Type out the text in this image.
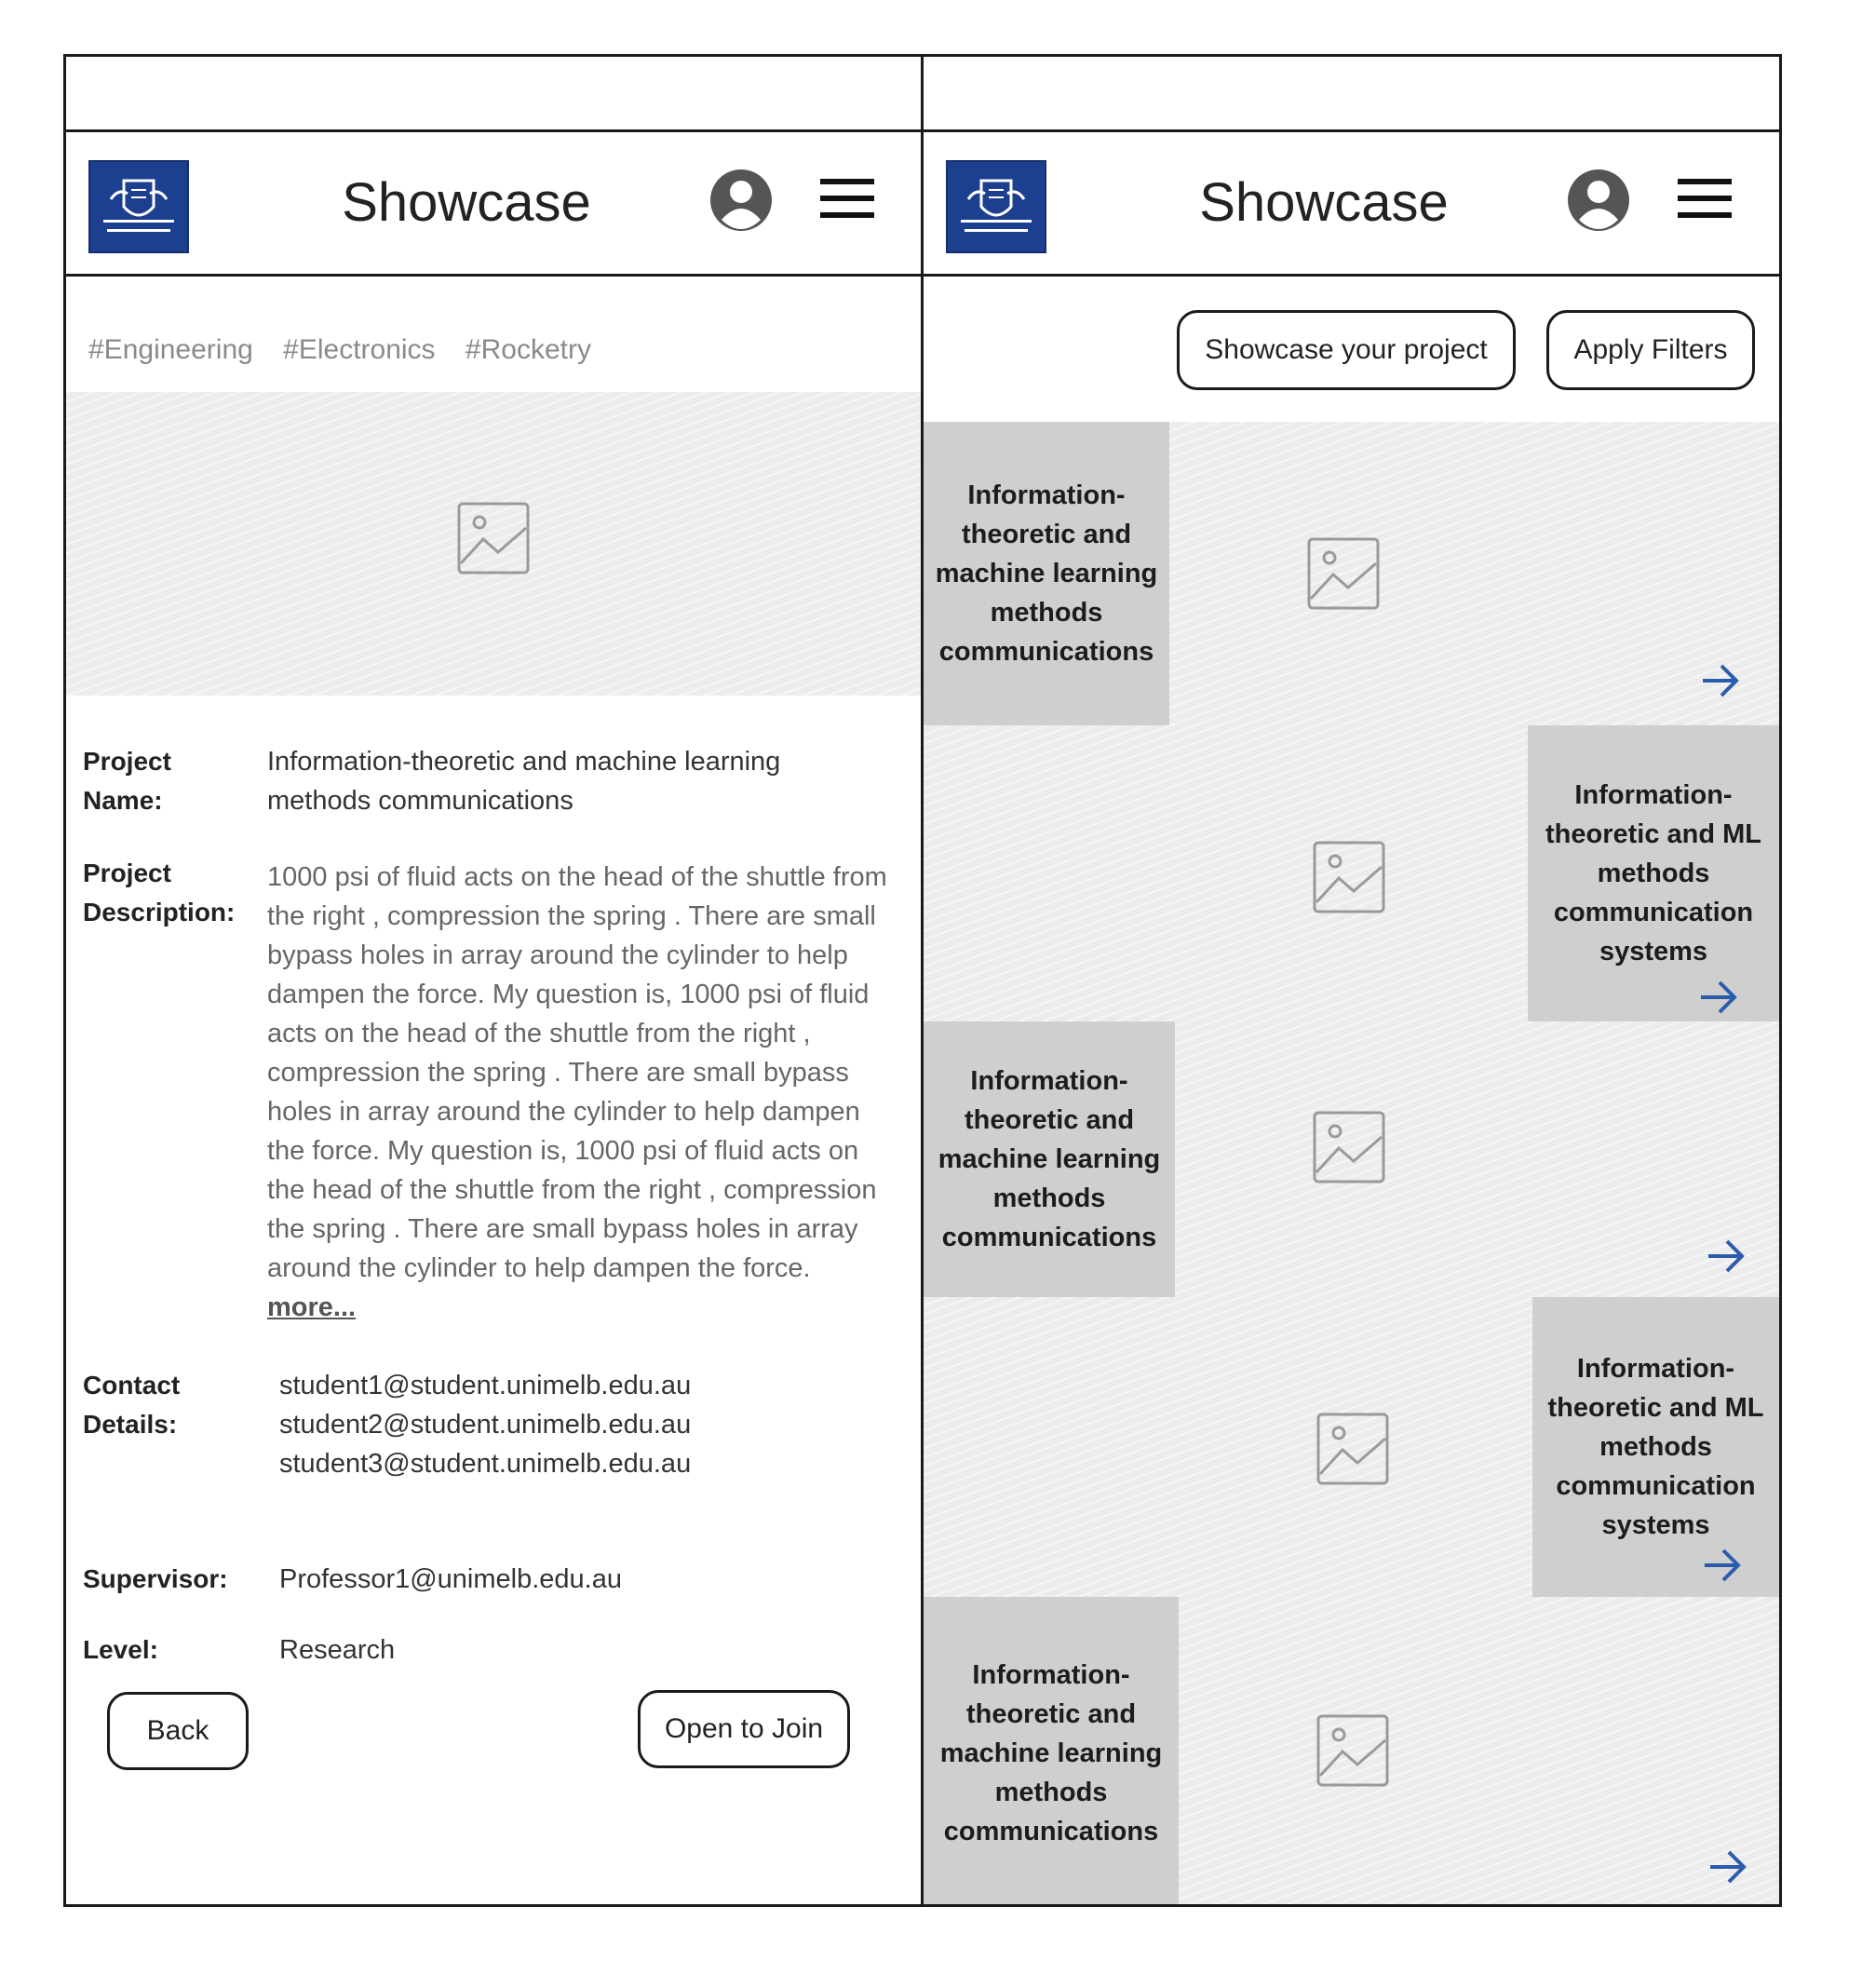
Showcase
#Engineering #Electronics #Rocketry
Project
Name:
Information-theoretic and machine learning methods communications
Project
Description:
1000 psi of fluid acts on the head of the shuttle from the right , compression the spring . There are small bypass holes in array around the cylinder to help dampen the force. My question is, 1000 psi of fluid acts on the head of the shuttle from the right , compression the spring . There are small bypass holes in array around the cylinder to help dampen the force. My question is, 1000 psi of fluid acts on the head of the shuttle from the right , compression the spring . There are small bypass holes in array around the cylinder to help dampen the force. more...
Contact
Details:
student1@student.unimelb.edu.au
student2@student.unimelb.edu.au
student3@student.unimelb.edu.au
Supervisor: Professor1@unimelb.edu.au
Level:	Research
Back	Open to Join
Showcase
Showcase your project	Apply Filters
Information-theoretic and machine learning methods communications
Information-theoretic and ML methods communication systems
Information-theoretic and machine learning methods communications
Information-theoretic and ML methods communication systems
Information-theoretic and machine learning methods communications
